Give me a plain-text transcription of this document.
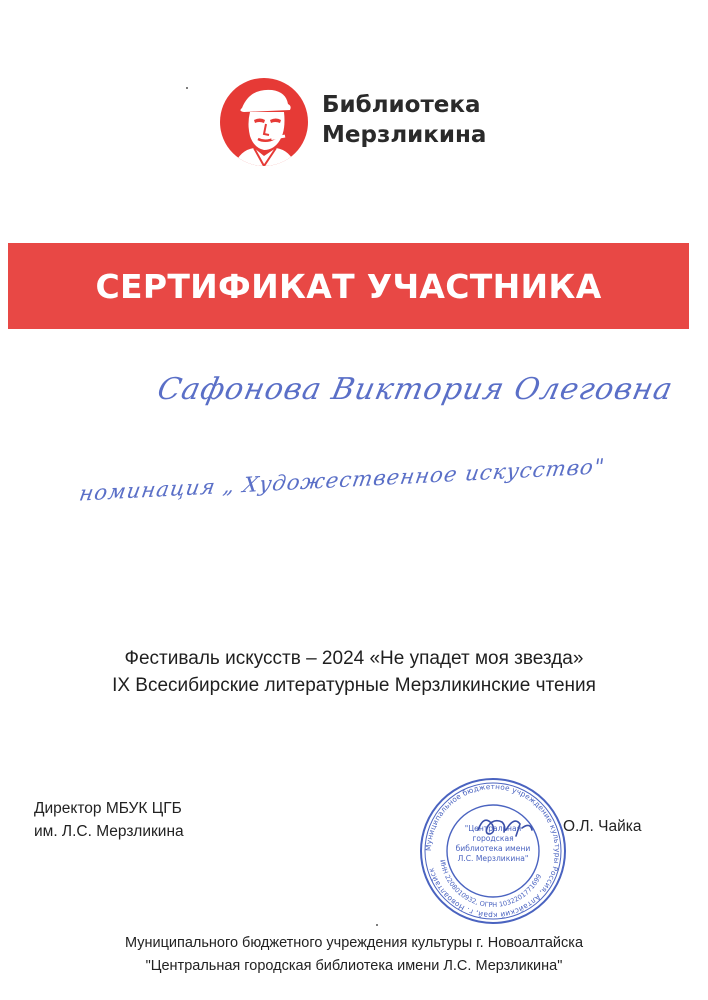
Библиотека
Мерзликина
СЕРТИФИКАТ УЧАСТНИКА
Сафонова Виктория Олеговна
номинация „ Художественное искусство"
Фестиваль искусств – 2024 «Не упадет моя звезда»
IX Всесибирские литературные Мерзликинские чтения
Директор МБУК ЦГБ
им. Л.С. Мерзликина
Муниципальное бюджетное учреждение культуры Россия, Алтайский край, г. Новоалтайск
ИНН 2208010932, ОГРН 1032201771699
"Центральная городская библиотека имени Л.С. Мерзликина"
О.Л. Чайка
Муниципального бюджетного учреждения культуры г. Новоалтайска
"Центральная городская библиотека имени Л.С. Мерзликина"
